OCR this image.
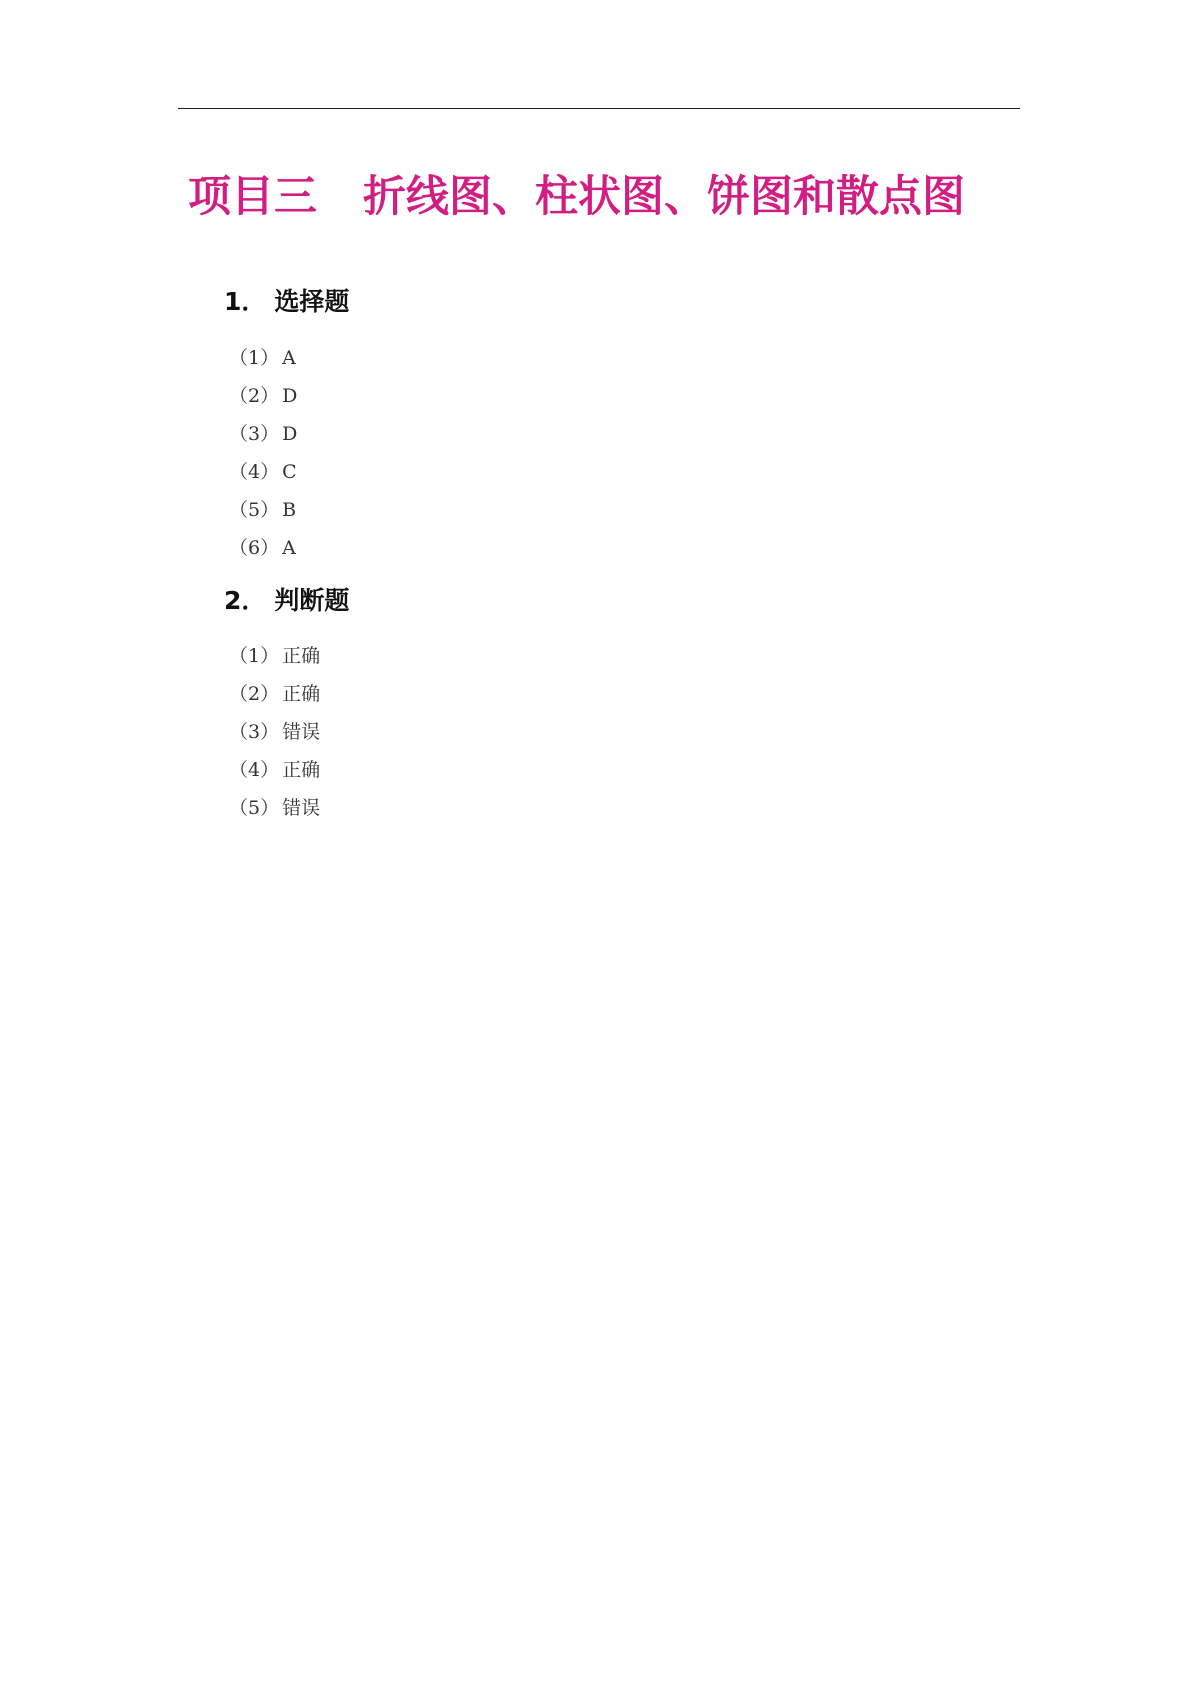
项目三 折线图、柱状图、饼图和散点图
1． 选择题
（1） A
（2） D
（3） D
（4） C
（5） B
（6） A
2． 判断题
（1） 正确
（2） 正确
（3） 错误
（4） 正确
（5） 错误
